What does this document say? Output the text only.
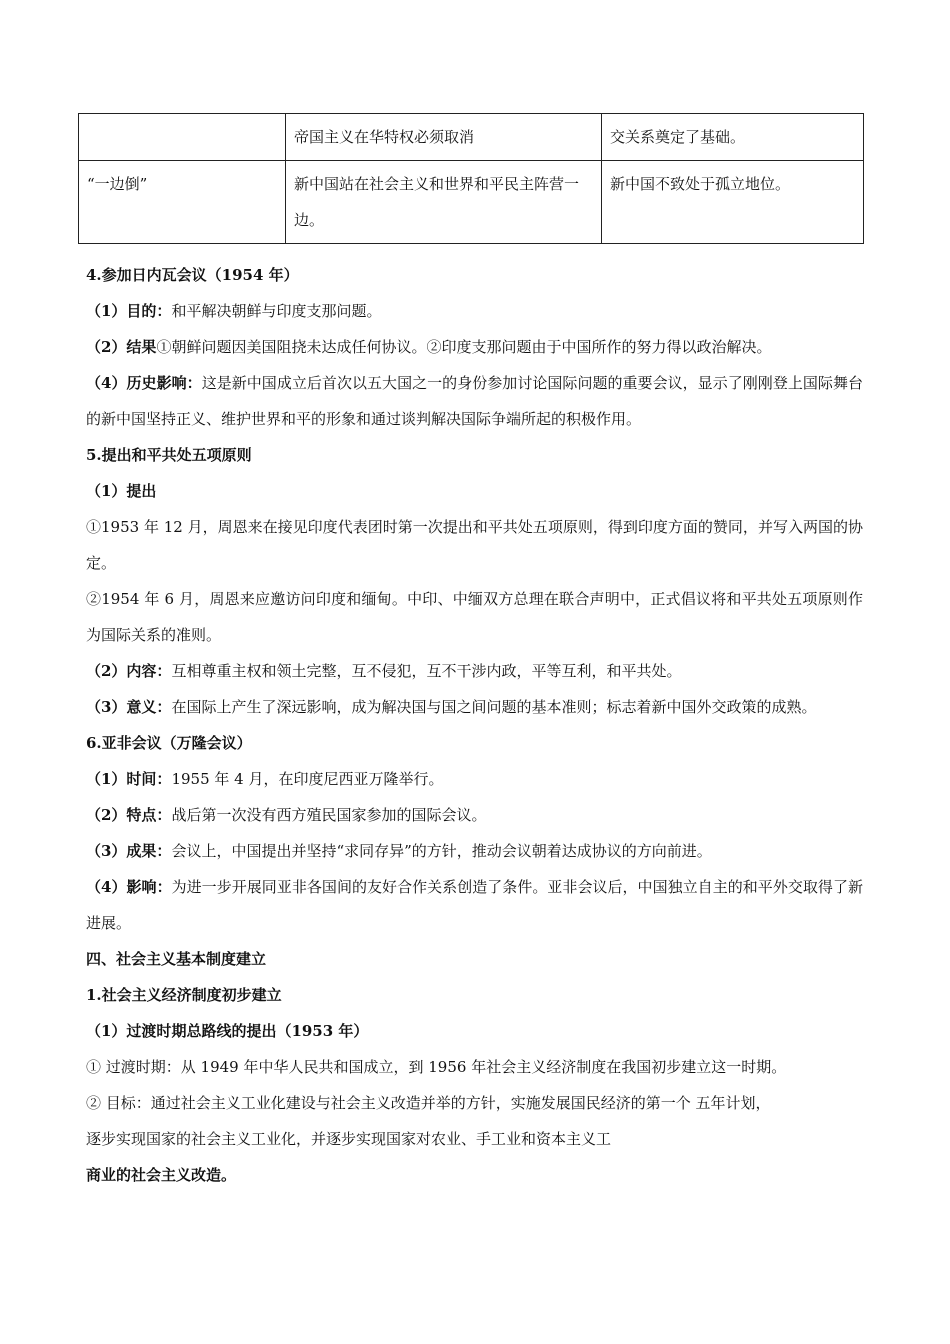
	帝国主义在华特权必须取消	交关系奠定了基础。
“一边倒”	新中国站在社会主义和世界和平民主阵营一边。	新中国不致处于孤立地位。

4.参加日内瓦会议（1954 年）

（1）目的：和平解决朝鲜与印度支那问题。

（2）结果①朝鲜问题因美国阻挠未达成任何协议。②印度支那问题由于中国所作的努力得以政治解决。

（4）历史影响：这是新中国成立后首次以五大国之一的身份参加讨论国际问题的重要会议，显示了刚刚登上国际舞台的新中国坚持正义、维护世界和平的形象和通过谈判解决国际争端所起的积极作用。

5.提出和平共处五项原则

（1）提出

①1953 年 12 月，周恩来在接见印度代表团时第一次提出和平共处五项原则，得到印度方面的赞同，并写入两国的协定。

②1954 年 6 月，周恩来应邀访问印度和缅甸。中印、中缅双方总理在联合声明中，正式倡议将和平共处五项原则作为国际关系的准则。

（2）内容：互相尊重主权和领土完整，互不侵犯，互不干涉内政，平等互利，和平共处。

（3）意义：在国际上产生了深远影响，成为解决国与国之间问题的基本准则；标志着新中国外交政策的成熟。

6.亚非会议（万隆会议）

（1）时间：1955 年 4 月，在印度尼西亚万隆举行。

（2）特点：战后第一次没有西方殖民国家参加的国际会议。

（3）成果：会议上，中国提出并坚持“求同存异”的方针，推动会议朝着达成协议的方向前进。

（4）影响：为进一步开展同亚非各国间的友好合作关系创造了条件。亚非会议后，中国独立自主的和平外交取得了新进展。

四、社会主义基本制度建立

1.社会主义经济制度初步建立

（1）过渡时期总路线的提出（1953 年）

① 过渡时期：从 1949 年中华人民共和国成立，到 1956 年社会主义经济制度在我国初步建立这一时期。

② 目标：通过社会主义工业化建设与社会主义改造并举的方针，实施发展国民经济的第一个 五年计划，

逐步实现国家的社会主义工业化，并逐步实现国家对农业、手工业和资本主义工

商业的社会主义改造。
